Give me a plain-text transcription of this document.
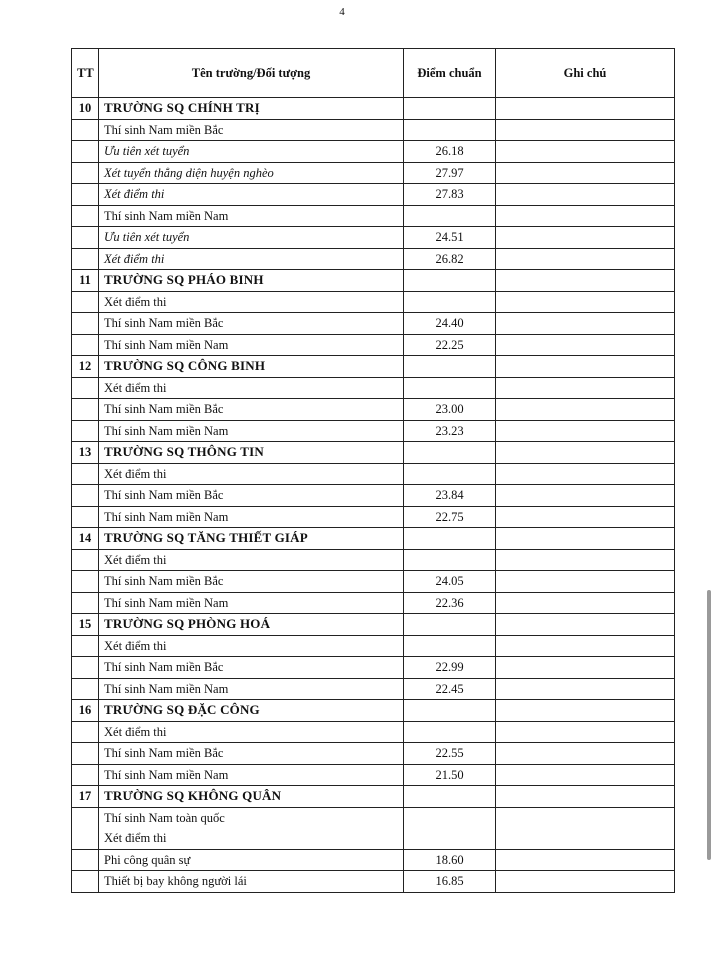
4
TT	Tên trường/Đối tượng	Điểm chuẩn	Ghi chú
10	TRƯỜNG SQ CHÍNH TRỊ		
	Thí sinh Nam miền Bắc		
	Ưu tiên xét tuyển	26.18	
	Xét tuyển thẳng diện huyện nghèo	27.97	
	Xét điểm thi	27.83	
	Thí sinh Nam miền Nam		
	Ưu tiên xét tuyển	24.51	
	Xét điểm thi	26.82	
11	TRƯỜNG SQ PHÁO BINH		
	Xét điểm thi		
	Thí sinh Nam miền Bắc	24.40	
	Thí sinh Nam miền Nam	22.25	
12	TRƯỜNG SQ CÔNG BINH		
	Xét điểm thi		
	Thí sinh Nam miền Bắc	23.00	
	Thí sinh Nam miền Nam	23.23	
13	TRƯỜNG SQ THÔNG TIN		
	Xét điểm thi		
	Thí sinh Nam miền Bắc	23.84	
	Thí sinh Nam miền Nam	22.75	
14	TRƯỜNG SQ TĂNG THIẾT GIÁP		
	Xét điểm thi		
	Thí sinh Nam miền Bắc	24.05	
	Thí sinh Nam miền Nam	22.36	
15	TRƯỜNG SQ PHÒNG HOÁ		
	Xét điểm thi		
	Thí sinh Nam miền Bắc	22.99	
	Thí sinh Nam miền Nam	22.45	
16	TRƯỜNG SQ ĐẶC CÔNG		
	Xét điểm thi		
	Thí sinh Nam miền Bắc	22.55	
	Thí sinh Nam miền Nam	21.50	
17	TRƯỜNG SQ KHÔNG QUÂN		

	Thí sinh Nam toàn quốc
Xét điểm thi		

	Phi công quân sự	18.60	
	Thiết bị bay không người lái	16.85	
